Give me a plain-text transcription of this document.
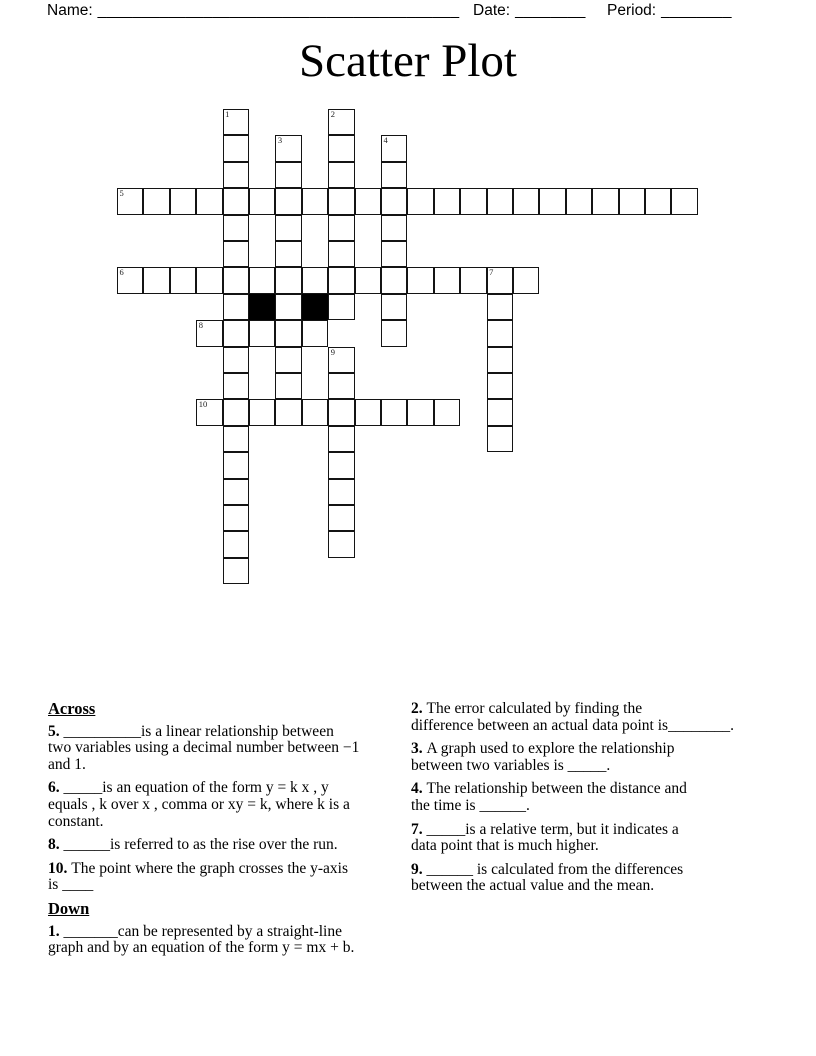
Name: _________________________________________ Date: ________ Period: ________
Scatter Plot
1	2
3	4
5
6	7
8
9
10
Across

5. __________is a linear relationship between
two variables using a decimal number between −1
and 1.

6. _____is an equation of the form y = k x , y
equals , k over x , comma or xy = k, where k is a
constant.

8. ______is referred to as the rise over the run.

10. The point where the graph crosses the y-axis
is ____

Down

1. _______can be represented by a straight-line
graph and by an equation of the form y = mx + b.

2. The error calculated by finding the
difference between an actual data point is________.

3. A graph used to explore the relationship
between two variables is _____.

4. The relationship between the distance and
the time is ______.

7. _____is a relative term, but it indicates a
data point that is much higher.

9. ______ is calculated from the differences
between the actual value and the mean.
